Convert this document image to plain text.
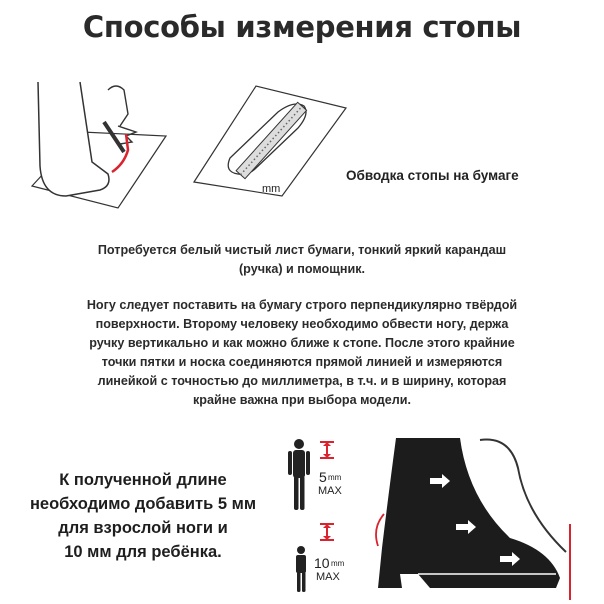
Способы измерения стопы
mm
Обводка стопы на бумаге
Потребуется белый чистый лист бумаги, тонкий яркий карандаш
(ручка) и помощник.
Ногу следует поставить на бумагу строго перпендикулярно твёрдой
поверхности. Второму человеку необходимо обвести ногу, держа
ручку вертикально и как можно ближе к стопе. После этого крайние
точки пятки и носка соединяются прямой линией и измеряются
линейкой с точностью до миллиметра, в т.ч. и в ширину, которая
крайне важна при выбора модели.
К полученной длине
необходимо добавить 5 мм
для взрослой ноги и
10 мм для ребёнка.
5 mm
MAX
10 mm
MAX
